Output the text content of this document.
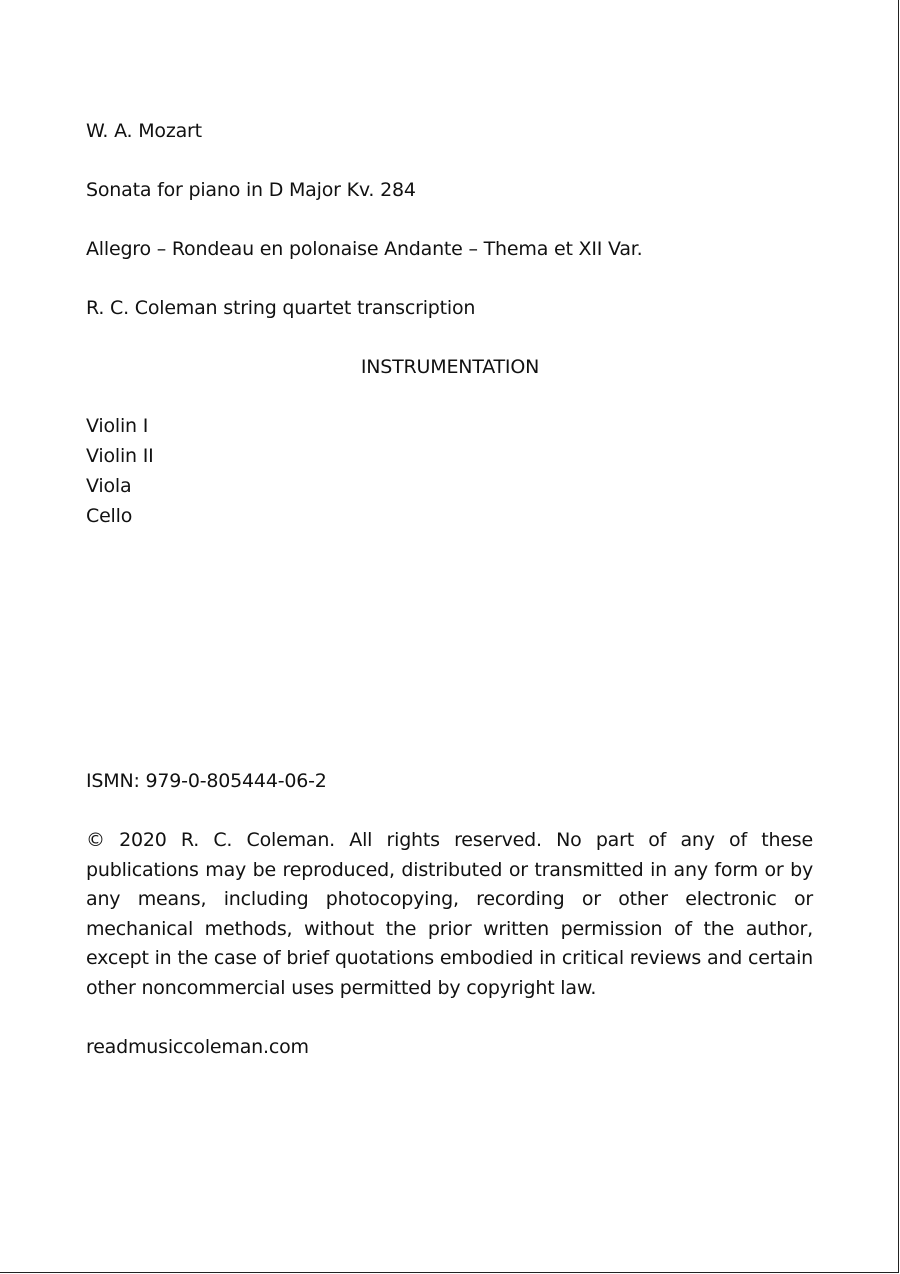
W. A. Mozart
Sonata for piano in D Major Kv. 284
Allegro – Rondeau en polonaise Andante – Thema et XII Var.
R. C. Coleman string quartet transcription
INSTRUMENTATION
Violin I
Violin II
Viola
Cello
ISMN: 979-0-805444-06-2

© 2020 R. C. Coleman. All rights reserved. No part of any of these publications may be reproduced, distributed or transmitted in any form or by any means, including photocopying, recording or other electronic or mechanical methods, without the prior written permission of the author, except in the case of brief quotations embodied in critical reviews and certain other noncommercial uses permitted by copyright law.

readmusiccoleman.com
